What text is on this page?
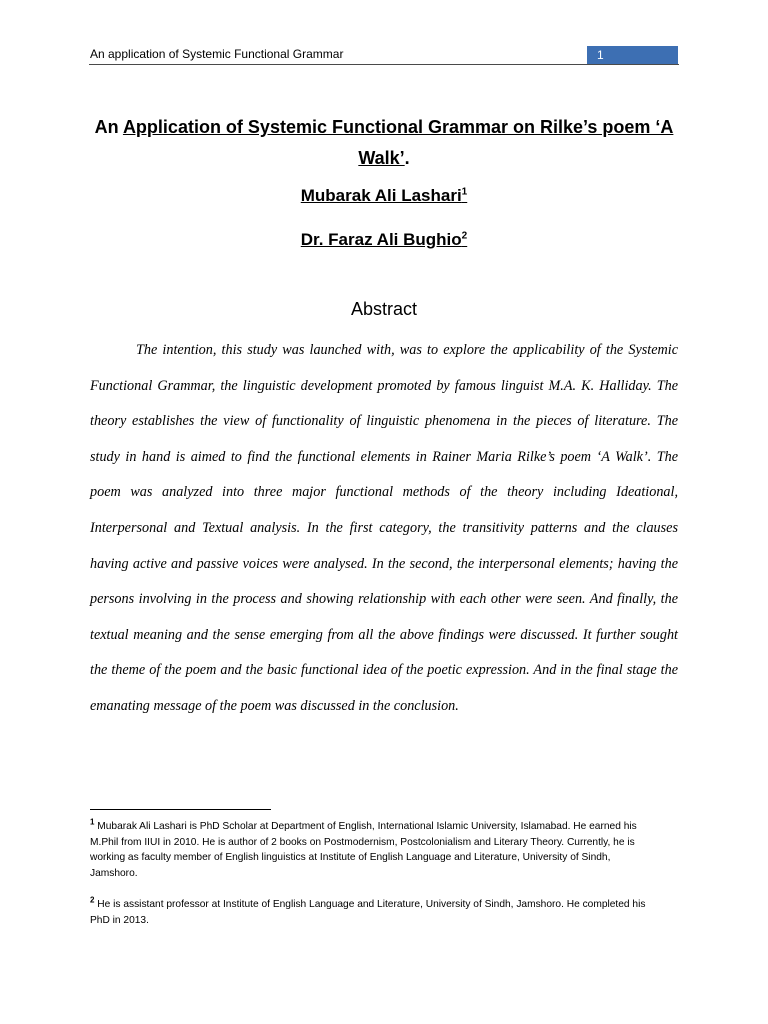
An application of Systemic Functional Grammar	1
An Application of Systemic Functional Grammar on Rilke’s poem ‘A Walk’.
Mubarak Ali Lashari$^1$
Dr. Faraz Ali Bughio$^2$
Abstract

The intention, this study was launched with, was to explore the applicability of the Systemic Functional Grammar, the linguistic development promoted by famous linguist M.A. K. Halliday. The theory establishes the view of functionality of linguistic phenomena in the pieces of literature. The study in hand is aimed to find the functional elements in Rainer Maria Rilke’s poem ‘A Walk’. The poem was analyzed into three major functional methods of the theory including Ideational, Interpersonal and Textual analysis. In the first category, the transitivity patterns and the clauses having active and passive voices were analysed. In the second, the interpersonal elements; having the persons involving in the process and showing relationship with each other were seen. And finally, the textual meaning and the sense emerging from all the above findings were discussed. It further sought the theme of the poem and the basic functional idea of the poetic expression. And in the final stage the emanating message of the poem was discussed in the conclusion.

$^1$ Mubarak Ali Lashari is PhD Scholar at Department of English, International Islamic University, Islamabad. He earned his M.Phil from IIUI in 2010. He is author of 2 books on Postmodernism, Postcolonialism and Literary Theory. Currently, he is working as faculty member of English linguistics at Institute of English Language and Literature, University of Sindh, Jamshoro.

$^2$ He is assistant professor at Institute of English Language and Literature, University of Sindh, Jamshoro. He completed his PhD in 2013.
